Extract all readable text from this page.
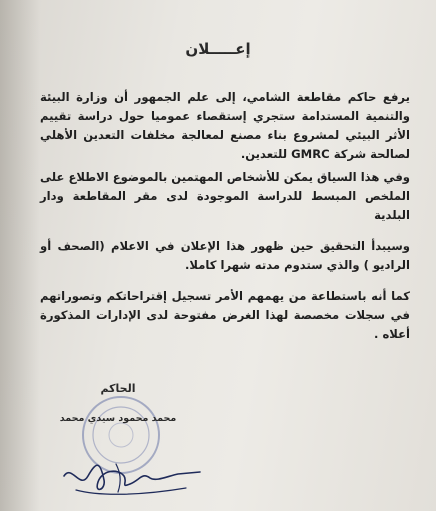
إعـــــلان

يرفع حاكم مقاطعة الشامي، إلى علم الجمهور أن وزارة البيئة والتنمية المستدامة ستجري إستقصاء عموميا حول دراسة تقييم الأثر البيئي لمشروع بناء مصنع لمعالجة مخلفات التعدين الأهلي لصالحة شركة GMRC للتعدين.

وفي هذا السياق يمكن للأشخاص المهتمين بالموضوع الاطلاع على الملخص المبسط للدراسة الموجودة لدى مقر المقاطعة ودار البلدية

وسيبدأ التحقيق حين ظهور هذا الإعلان في الاعلام (الصحف أو الراديو ) والذي ستدوم مدته شهرا كاملا.

كما أنه باستطاعة من يهمهم الأمر تسجيل إقتراحاتكم وتصوراتهم في سجلات مخصصة لهذا الغرض مفتوحة لدى الإدارات المذكورة أعلاه .

الحاكم
محمد محمود سيدي محمد
